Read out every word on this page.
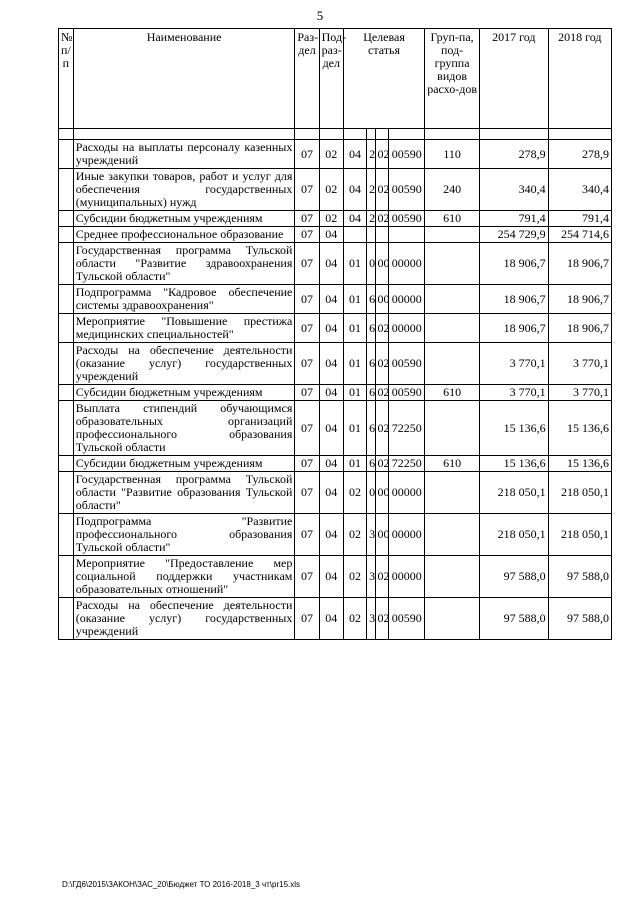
5
№ п/п	Наименование	Раз-дел	Под-раз-дел	Целевая статья				Груп-па, под-группа видов расхо-дов	2017 год	2018 год

	Расходы на выплаты персоналу казенных учреждений	07	02	04	2	02	00590	110	278,9	278,9
	Иные закупки товаров, работ и услуг для обеспечения государственных (муниципальных) нужд	07	02	04	2	02	00590	240	340,4	340,4
	Субсидии бюджетным учреждениям	07	02	04	2	02	00590	610	791,4	791,4
	Среднее профессиональное образование	07	04						254 729,9	254 714,6
	Государственная программа Тульской области "Развитие здравоохранения Тульской области"	07	04	01	0	00	00000		18 906,7	18 906,7
	Подпрограмма "Кадровое обеспечение системы здравоохранения"	07	04	01	6	00	00000		18 906,7	18 906,7
	Мероприятие "Повышение престижа медицинских специальностей"	07	04	01	6	02	00000		18 906,7	18 906,7
	Расходы на обеспечение деятельности (оказание услуг) государственных учреждений	07	04	01	6	02	00590		3 770,1	3 770,1
	Субсидии бюджетным учреждениям	07	04	01	6	02	00590	610	3 770,1	3 770,1
	Выплата стипендий обучающимся образовательных организаций профессионального образования Тульской области	07	04	01	6	02	72250		15 136,6	15 136,6
	Субсидии бюджетным учреждениям	07	04	01	6	02	72250	610	15 136,6	15 136,6
	Государственная программа Тульской области "Развитие образования Тульской области"	07	04	02	0	00	00000		218 050,1	218 050,1
	Подпрограмма "Развитие профессионального образования Тульской области"	07	04	02	3	00	00000		218 050,1	218 050,1
	Мероприятие "Предоставление мер социальной поддержки участникам образовательных отношений"	07	04	02	3	02	00000		97 588,0	97 588,0
	Расходы на обеспечение деятельности (оказание услуг) государственных учреждений	07	04	02	3	02	00590		97 588,0	97 588,0
D:\ГД6\2015\ЗАКОН\ЗАС_20\Бюджет ТО 2016-2018_3 чт\pr15.xls
